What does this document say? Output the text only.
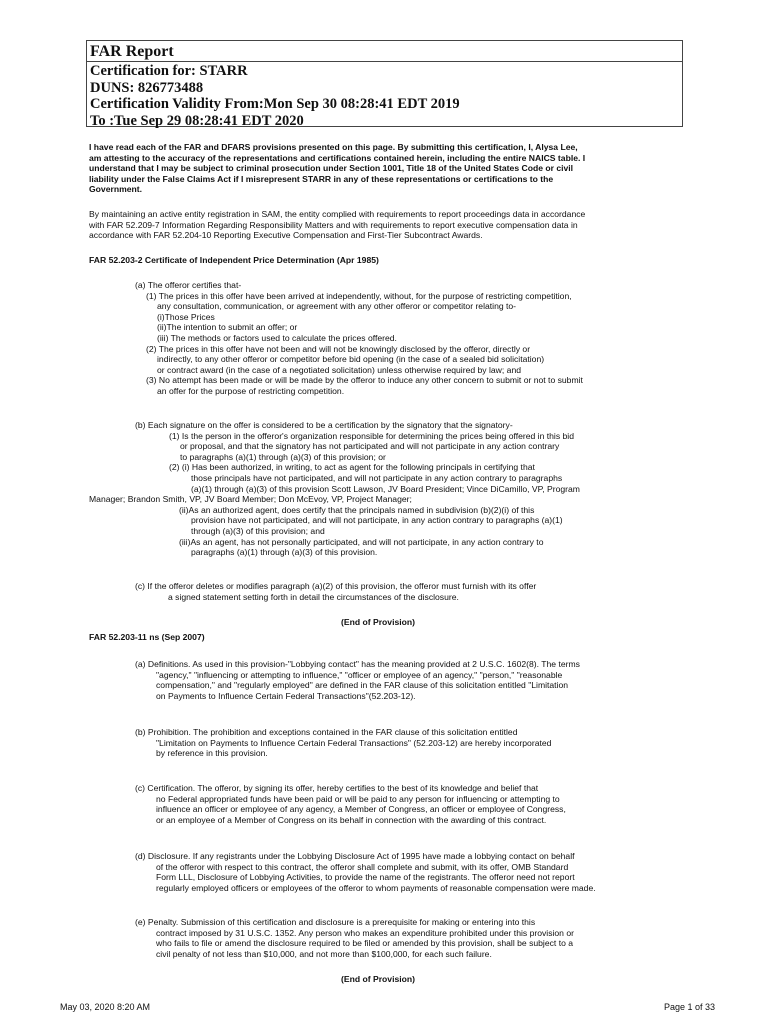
FAR Report
Certification for: STARR
DUNS: 826773488
Certification Validity From:Mon Sep 30 08:28:41 EDT 2019
To :Tue Sep 29 08:28:41 EDT 2020
I have read each of the FAR and DFARS provisions presented on this page. By submitting this certification, I, Alysa Lee,
am attesting to the accuracy of the representations and certifications contained herein, including the entire NAICS table. I
understand that I may be subject to criminal prosecution under Section 1001, Title 18 of the United States Code or civil
liability under the False Claims Act if I misrepresent STARR in any of these representations or certifications to the
Government.
By maintaining an active entity registration in SAM, the entity complied with requirements to report proceedings data in accordance
with FAR 52.209-7 Information Regarding Responsibility Matters and with requirements to report executive compensation data in
accordance with FAR 52.204-10 Reporting Executive Compensation and First-Tier Subcontract Awards.
FAR 52.203-2 Certificate of Independent Price Determination (Apr 1985)
(a) The offeror certifies that-
(1) The prices in this offer have been arrived at independently, without, for the purpose of restricting competition,
any consultation, communication, or agreement with any other offeror or competitor relating to-
(i)Those Prices
(ii)The intention to submit an offer; or
(iii) The methods or factors used to calculate the prices offered.
(2) The prices in this offer have not been and will not be knowingly disclosed by the offeror, directly or
indirectly, to any other offeror or competitor before bid opening (in the case of a sealed bid solicitation)
or contract award (in the case of a negotiated solicitation) unless otherwise required by law; and
(3) No attempt has been made or will be made by the offeror to induce any other concern to submit or not to submit
an offer for the purpose of restricting competition.
(b) Each signature on the offer is considered to be a certification by the signatory that the signatory-
(1) Is the person in the offeror's organization responsible for determining the prices being offered in this bid
or proposal, and that the signatory has not participated and will not participate in any action contrary
to paragraphs (a)(1) through (a)(3) of this provision; or
(2) (i) Has been authorized, in writing, to act as agent for the following principals in certifying that
those principals have not participated, and will not participate in any action contrary to paragraphs
(a)(1) through (a)(3) of this provision Scott Lawson, JV Board President; Vince DiCamillo, VP, Program
Manager; Brandon Smith, VP, JV Board Member; Don McEvoy, VP, Project Manager;
(ii)As an authorized agent, does certify that the principals named in subdivision (b)(2)(i) of this
provision have not participated, and will not participate, in any action contrary to paragraphs (a)(1)
through (a)(3) of this provision; and
(iii)As an agent, has not personally participated, and will not participate, in any action contrary to
paragraphs (a)(1) through (a)(3) of this provision.
(c) If the offeror deletes or modifies paragraph (a)(2) of this provision, the offeror must furnish with its offer
a signed statement setting forth in detail the circumstances of the disclosure.
(End of Provision)
FAR 52.203-11 ns (Sep 2007)
(a) Definitions. As used in this provision-"Lobbying contact" has the meaning provided at 2 U.S.C. 1602(8). The terms
"agency," "influencing or attempting to influence," "officer or employee of an agency," "person," "reasonable
compensation," and "regularly employed" are defined in the FAR clause of this solicitation entitled "Limitation
on Payments to Influence Certain Federal Transactions"(52.203-12).
(b) Prohibition. The prohibition and exceptions contained in the FAR clause of this solicitation entitled
"Limitation on Payments to Influence Certain Federal Transactions" (52.203-12) are hereby incorporated
by reference in this provision.
(c) Certification. The offeror, by signing its offer, hereby certifies to the best of its knowledge and belief that
no Federal appropriated funds have been paid or will be paid to any person for influencing or attempting to
influence an officer or employee of any agency, a Member of Congress, an officer or employee of Congress,
or an employee of a Member of Congress on its behalf in connection with the awarding of this contract.
(d) Disclosure. If any registrants under the Lobbying Disclosure Act of 1995 have made a lobbying contact on behalf
of the offeror with respect to this contract, the offeror shall complete and submit, with its offer, OMB Standard
Form LLL, Disclosure of Lobbying Activities, to provide the name of the registrants. The offeror need not report
regularly employed officers or employees of the offeror to whom payments of reasonable compensation were made.
(e) Penalty. Submission of this certification and disclosure is a prerequisite for making or entering into this
contract imposed by 31 U.S.C. 1352. Any person who makes an expenditure prohibited under this provision or
who fails to file or amend the disclosure required to be filed or amended by this provision, shall be subject to a
civil penalty of not less than $10,000, and not more than $100,000, for each such failure.
(End of Provision)
May 03, 2020 8:20 AM	Page 1 of 33
